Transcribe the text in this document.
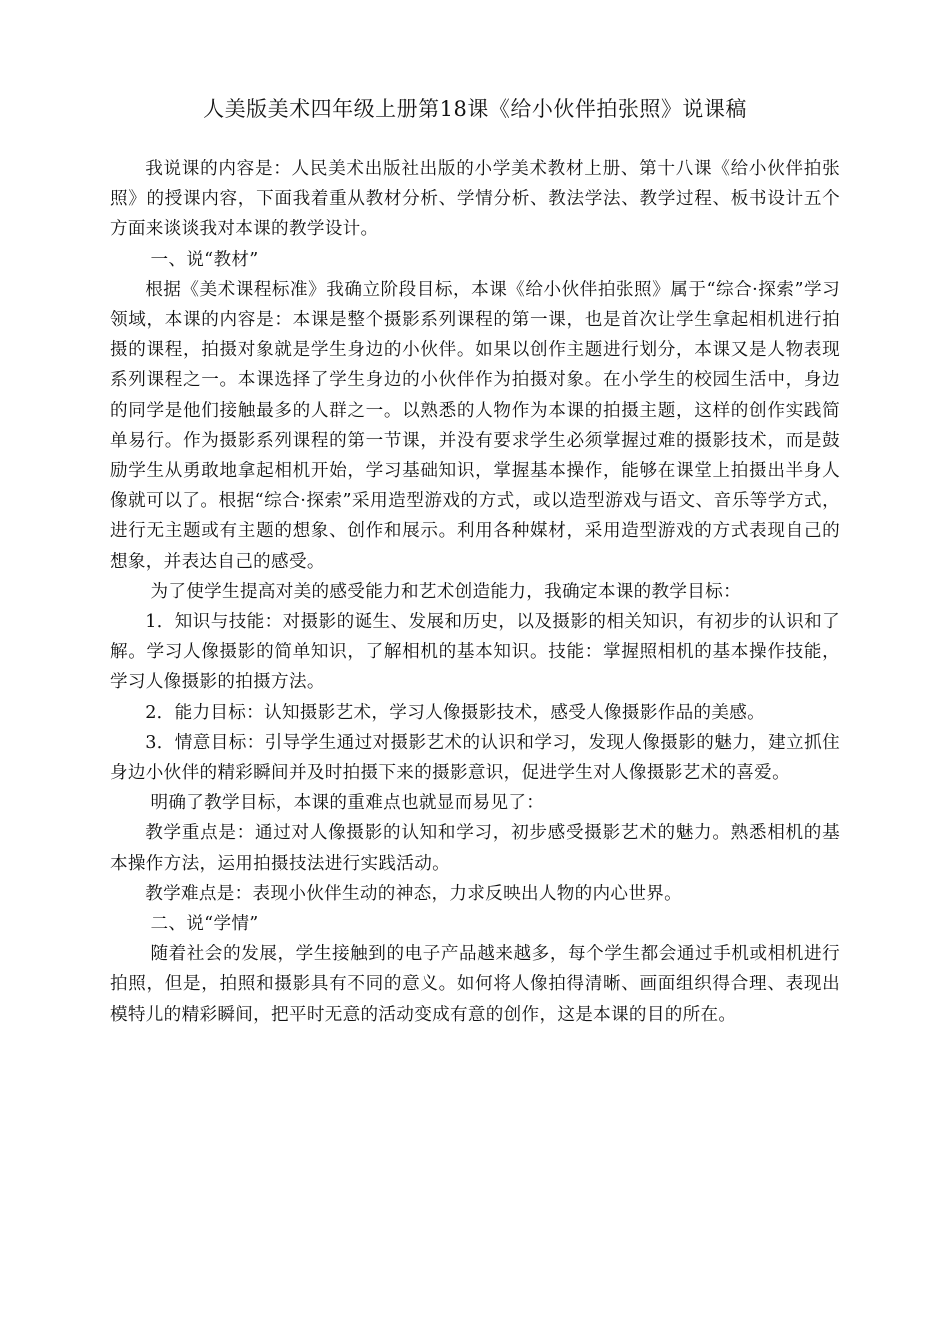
人美版美术四年级上册第18课《给小伙伴拍张照》说课稿

我说课的内容是：人民美术出版社出版的小学美术教材上册、第十八课《给小伙伴拍张照》的授课内容，下面我着重从教材分析、学情分析、教法学法、教学过程、板书设计五个方面来谈谈我对本课的教学设计。

一、说“教材”

根据《美术课程标准》我确立阶段目标，本课《给小伙伴拍张照》属于“综合·探索”学习领域，本课的内容是：本课是整个摄影系列课程的第一课，也是首次让学生拿起相机进行拍摄的课程，拍摄对象就是学生身边的小伙伴。如果以创作主题进行划分，本课又是人物表现系列课程之一。本课选择了学生身边的小伙伴作为拍摄对象。在小学生的校园生活中，身边的同学是他们接触最多的人群之一。以熟悉的人物作为本课的拍摄主题，这样的创作实践简单易行。作为摄影系列课程的第一节课，并没有要求学生必须掌握过难的摄影技术，而是鼓励学生从勇敢地拿起相机开始，学习基础知识，掌握基本操作，能够在课堂上拍摄出半身人像就可以了。根据“综合·探索”采用造型游戏的方式，或以造型游戏与语文、音乐等学方式，进行无主题或有主题的想象、创作和展示。利用各种媒材，采用造型游戏的方式表现自己的想象，并表达自己的感受。

为了使学生提高对美的感受能力和艺术创造能力，我确定本课的教学目标：

1．知识与技能：对摄影的诞生、发展和历史，以及摄影的相关知识，有初步的认识和了解。学习人像摄影的简单知识，了解相机的基本知识。技能：掌握照相机的基本操作技能，学习人像摄影的拍摄方法。

2．能力目标：认知摄影艺术，学习人像摄影技术，感受人像摄影作品的美感。

3．情意目标：引导学生通过对摄影艺术的认识和学习，发现人像摄影的魅力，建立抓住身边小伙伴的精彩瞬间并及时拍摄下来的摄影意识，促进学生对人像摄影艺术的喜爱。

明确了教学目标，本课的重难点也就显而易见了：

教学重点是：通过对人像摄影的认知和学习，初步感受摄影艺术的魅力。熟悉相机的基本操作方法，运用拍摄技法进行实践活动。

教学难点是：表现小伙伴生动的神态，力求反映出人物的内心世界。

二、说“学情”

随着社会的发展，学生接触到的电子产品越来越多，每个学生都会通过手机或相机进行拍照，但是，拍照和摄影具有不同的意义。如何将人像拍得清晰、画面组织得合理、表现出模特儿的精彩瞬间，把平时无意的活动变成有意的创作，这是本课的目的所在。
